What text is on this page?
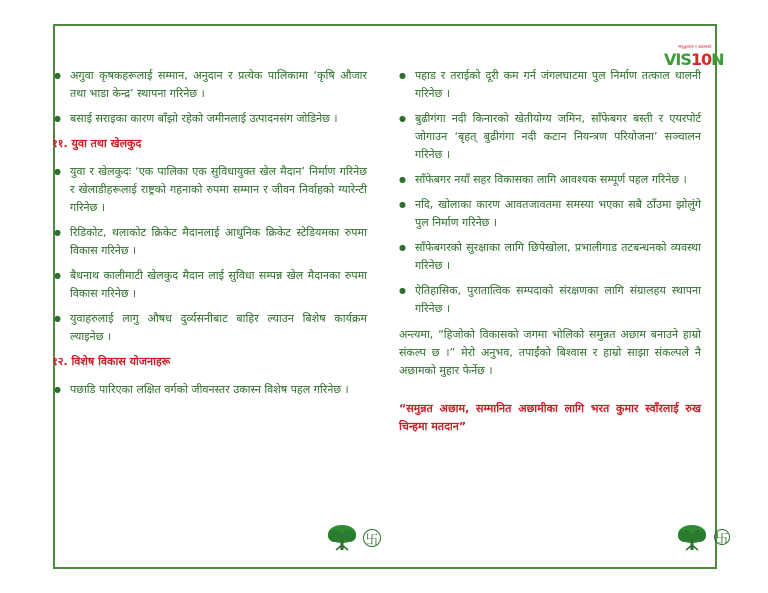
समृद्धशाला र अछामको
VIS10N
● अगुवा कृषकहरूलाई सम्मान, अनुदान र प्रत्येक पालिकामा ‘कृषि औजार तथा भाडा केन्द्र’ स्थापना गरिनेछ ।
● बसाई सराइका कारण बाँझो रहेको जमीनलाई उत्पादनसंग जोडिनेछ ।
११. युवा तथा खेलकुद
● युवा र खेलकुदः ‘एक पालिका एक सुविधायुक्त खेल मैदान’ निर्माण गरिनेछ र खेलाडीहरूलाई राष्ट्रको गहनाको रुपमा सम्मान र जीवन निर्वाहको ग्यारेन्टी गरिनेछ ।
● रिडिकोट, थलाकोट क्रिकेट मैदानलाई आधुनिक क्रिकेट स्टेडियमका रुपमा विकास गरिनेछ ।
● बैधनाथ कालीमाटी खेलकुद मैदान लाई सुविधा सम्पन्न खेल मैदानका रुपमा विकास गरिनेछ ।
● युवाहरुलाई लागु औषध दुर्व्यसनीबाट बाहिर ल्याउन बिशेष कार्यक्रम ल्याइनेछ ।
१२. विशेष विकास योजनाहरू
● पछाडि पारिएका लक्षित वर्गको जीवनस्तर उकास्न विशेष पहल गरिनेछ ।
● पहाड र तराईको दूरी कम गर्न जंगलघाटमा पुल निर्माण तत्काल थालनी गरिनेछ ।
● बुढीगंगा नदी किनारको खेतीयोग्य जमिन, साँफेबगर बस्ती र एयरपोर्ट जोगाउन ‘बृहत् बुढीगंगा नदी कटान नियन्त्रण परियोजना’ सञ्चालन गरिनेछ ।
● साँफेबगर नयाँ सहर विकासका लागि आवश्यक सम्पूर्ण पहल गरिनेछ ।
● नदि, खोलाका कारण आवतजावतमा समस्या भएका सबै ठाँउमा झोलुंगे पुल निर्माण गरिनेछ ।
● साँफेबगरको सुरक्षाका लागि छिपेखोला, प्रभालीगाड तटबन्धनको व्यवस्था गरिनेछ ।
● ऐतिहासिक, पुरातात्विक सम्पदाको संरक्षणका लागि संग्रालहय स्थापना गरिनेछ ।
अन्त्यमा, “हिजोको विकासको जगमा भोलिको समुन्नत अछाम बनाउने हाम्रो संकल्प छ ।” मेरो अनुभव, तपाईंको बिश्वास र हाम्रो साझा संकल्पले नै अछामको मुहार फेर्नेछ ।
“समुन्नत अछाम, सम्मानित अछामीका लागि भरत कुमार स्वाँरलाई रुख चिन्हमा मतदान”
卐	卐
